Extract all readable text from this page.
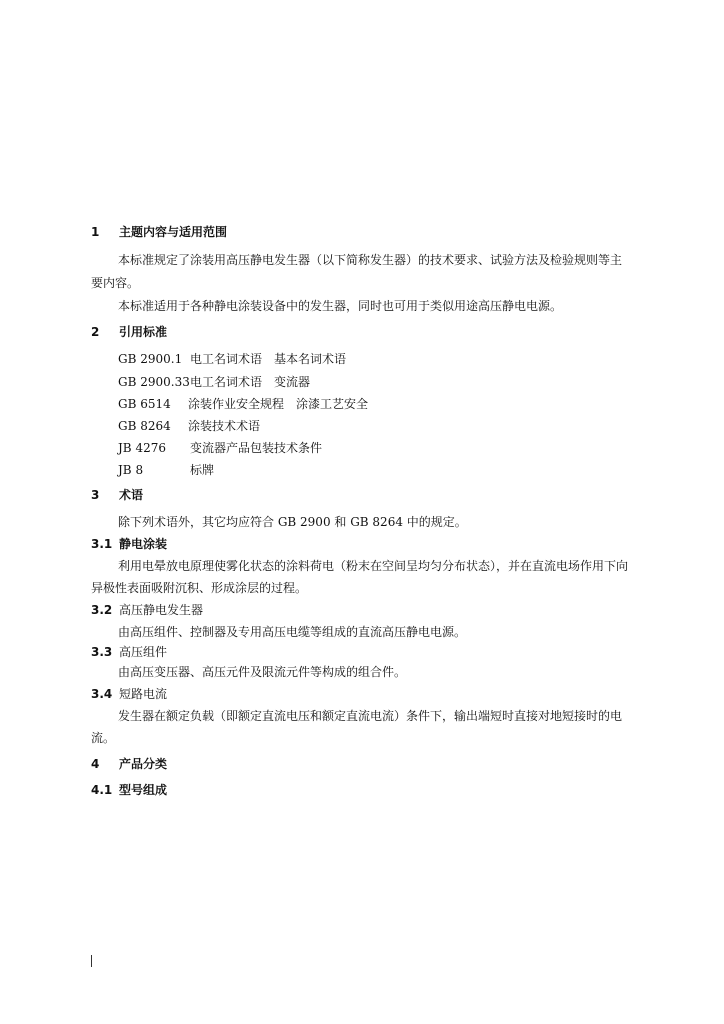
1 主题内容与适用范围
本标准规定了涂装用高压静电发生器（以下简称发生器）的技术要求、试验方法及检验规则等主
要内容。
本标准适用于各种静电涂装设备中的发生器，同时也可用于类似用途高压静电电源。
2 引用标准
GB 2900.1 电工名词术语　基本名词术语
GB 2900.33 电工名词术语　变流器
GB 6514 涂装作业安全规程　涂漆工艺安全
GB 8264 涂装技术术语
JB 4276 变流器产品包装技术条件
JB 8	标牌
3 术语
除下列术语外，其它均应符合 GB 2900 和 GB 8264 中的规定。
3.1 静电涂装
利用电晕放电原理使雾化状态的涂料荷电（粉末在空间呈均匀分布状态），并在直流电场作用下向
异极性表面吸附沉积、形成涂层的过程。
3.2 高压静电发生器
由高压组件、控制器及专用高压电缆等组成的直流高压静电电源。
3.3 高压组件
由高压变压器、高压元件及限流元件等构成的组合件。
3.4 短路电流
发生器在额定负载（即额定直流电压和额定直流电流）条件下，输出端短时直接对地短接时的电
流。
4 产品分类
4.1 型号组成
